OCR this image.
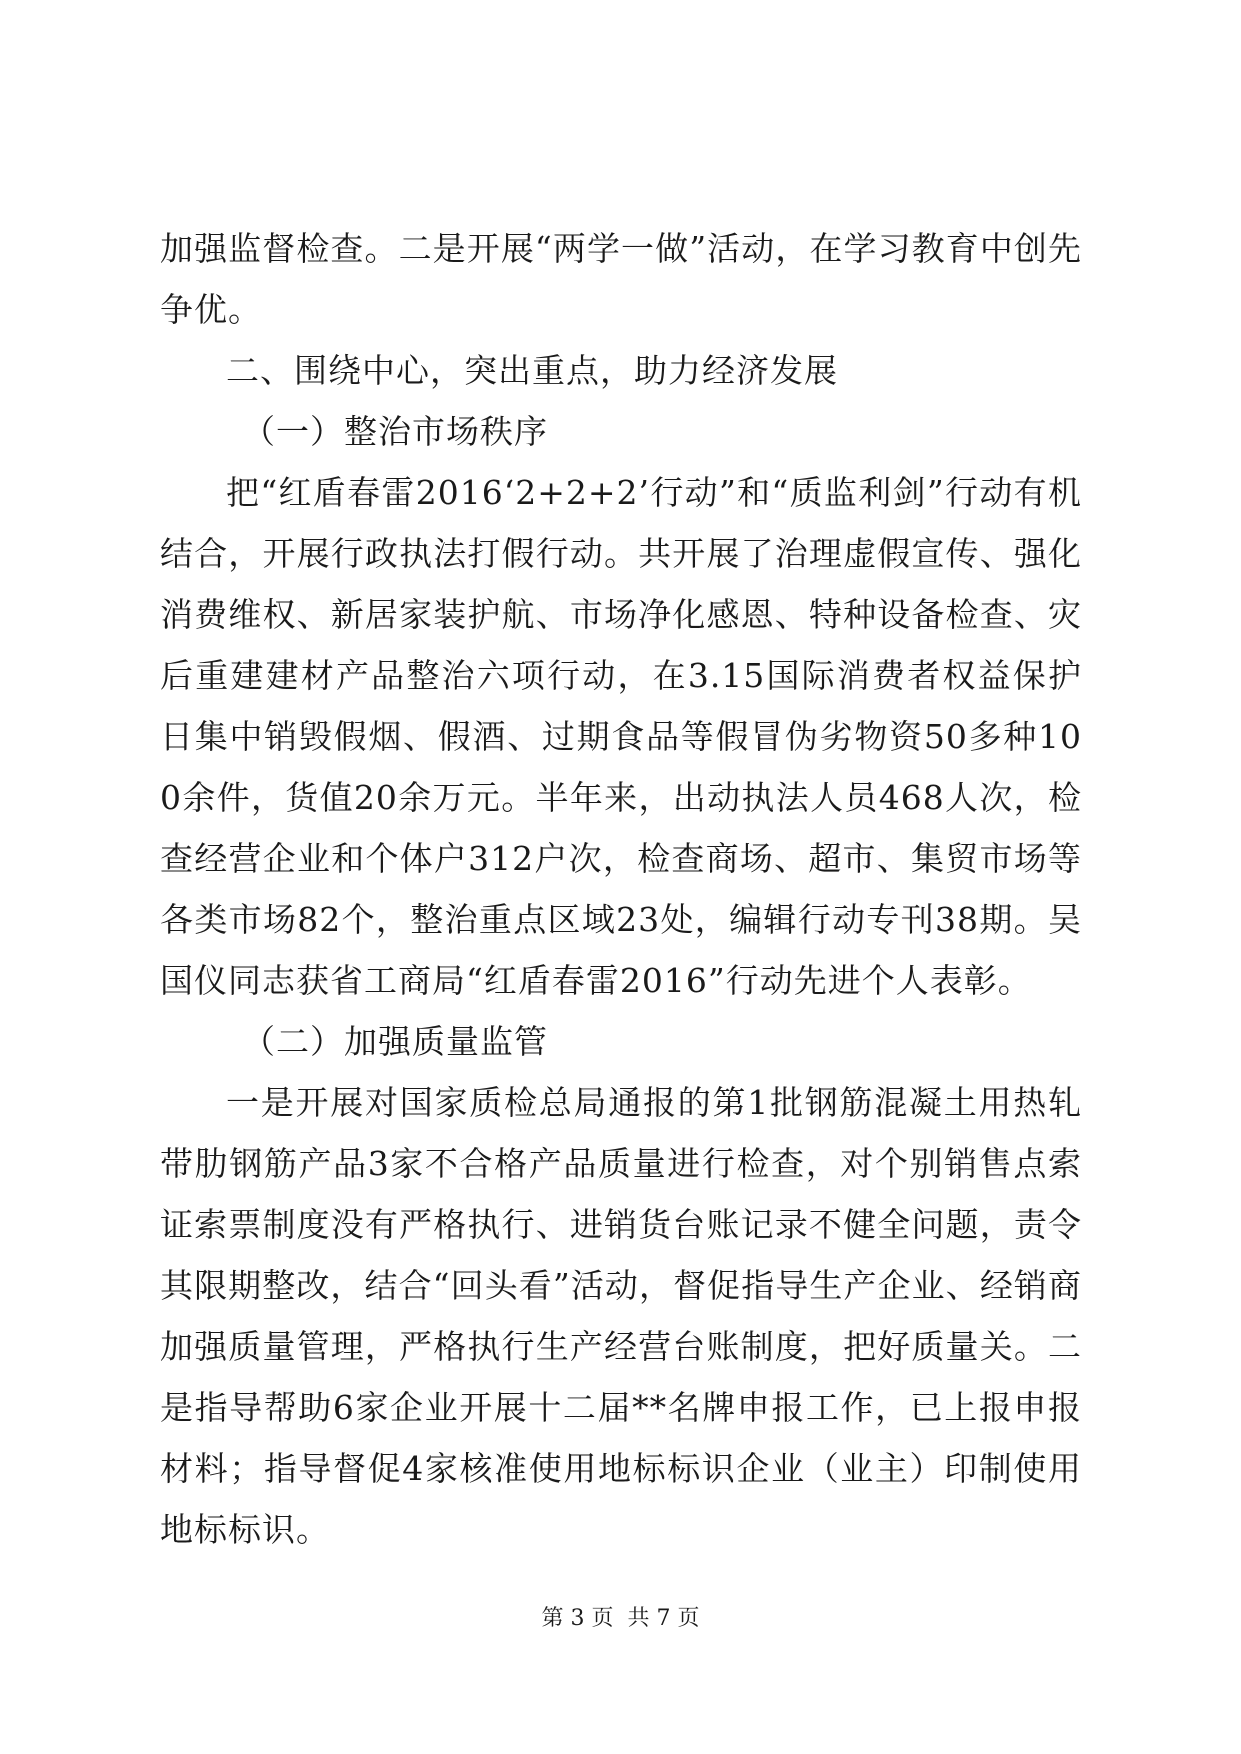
加强监督检查。二是开展“两学一做”活动，在学习教育中创先争优。

二、围绕中心，突出重点，助力经济发展

（一）整治市场秩序

把“红盾春雷2016‘2+2+2’行动”和“质监利剑”行动有机结合，开展行政执法打假行动。共开展了治理虚假宣传、强化消费维权、新居家装护航、市场净化感恩、特种设备检查、灾后重建建材产品整治六项行动，在3.15国际消费者权益保护日集中销毁假烟、假酒、过期食品等假冒伪劣物资50多种100余件，货值20余万元。半年来，出动执法人员468人次，检查经营企业和个体户312户次，检查商场、超市、集贸市场等各类市场82个，整治重点区域23处，编辑行动专刊38期。吴国仪同志获省工商局“红盾春雷2016”行动先进个人表彰。

（二）加强质量监管

一是开展对国家质检总局通报的第1批钢筋混凝土用热轧带肋钢筋产品3家不合格产品质量进行检查，对个别销售点索证索票制度没有严格执行、进销货台账记录不健全问题，责令其限期整改，结合“回头看”活动，督促指导生产企业、经销商加强质量管理，严格执行生产经营台账制度，把好质量关。二是指导帮助6家企业开展十二届**名牌申报工作，已上报申报材料；指导督促4家核准使用地标标识企业（业主）印制使用地标标识。

第 3 页  共 7 页
